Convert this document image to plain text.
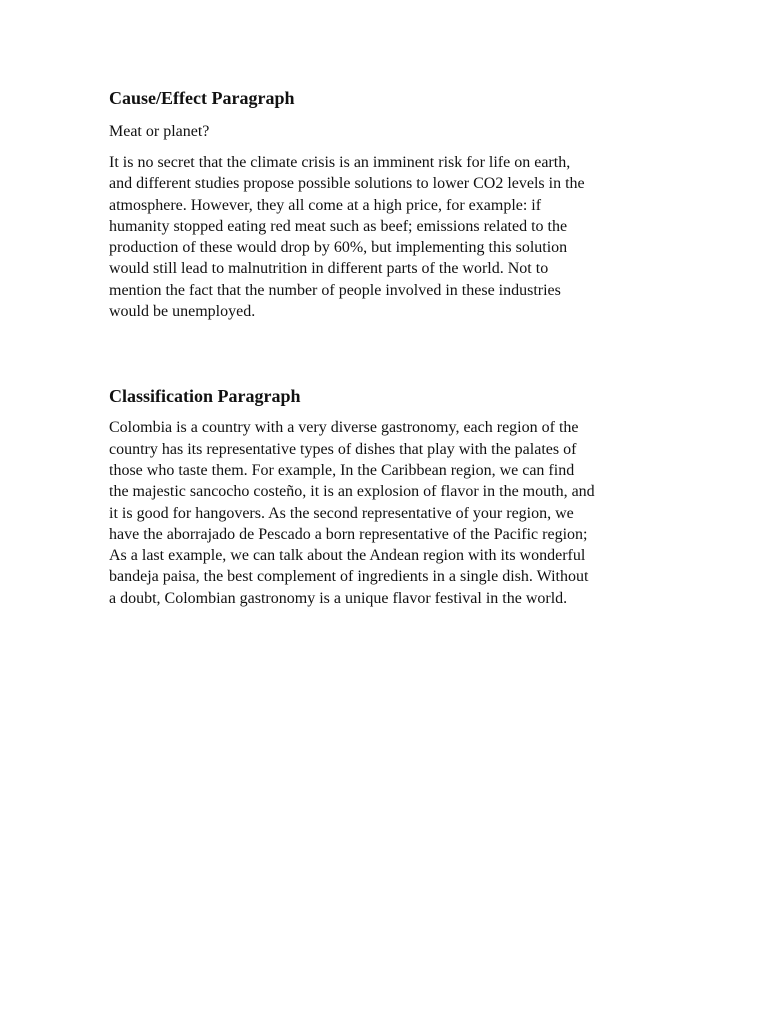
Cause/Effect Paragraph

Meat or planet?

It is no secret that the climate crisis is an imminent risk for life on earth,
and different studies propose possible solutions to lower CO2 levels in the
atmosphere. However, they all come at a high price, for example: if
humanity stopped eating red meat such as beef; emissions related to the
production of these would drop by 60%, but implementing this solution
would still lead to malnutrition in different parts of the world. Not to
mention the fact that the number of people involved in these industries
would be unemployed.

Classification Paragraph

Colombia is a country with a very diverse gastronomy, each region of the
country has its representative types of dishes that play with the palates of
those who taste them. For example, In the Caribbean region, we can find
the majestic sancocho costeño, it is an explosion of flavor in the mouth, and
it is good for hangovers. As the second representative of your region, we
have the aborrajado de Pescado a born representative of the Pacific region;
As a last example, we can talk about the Andean region with its wonderful
bandeja paisa, the best complement of ingredients in a single dish. Without
a doubt, Colombian gastronomy is a unique flavor festival in the world.
